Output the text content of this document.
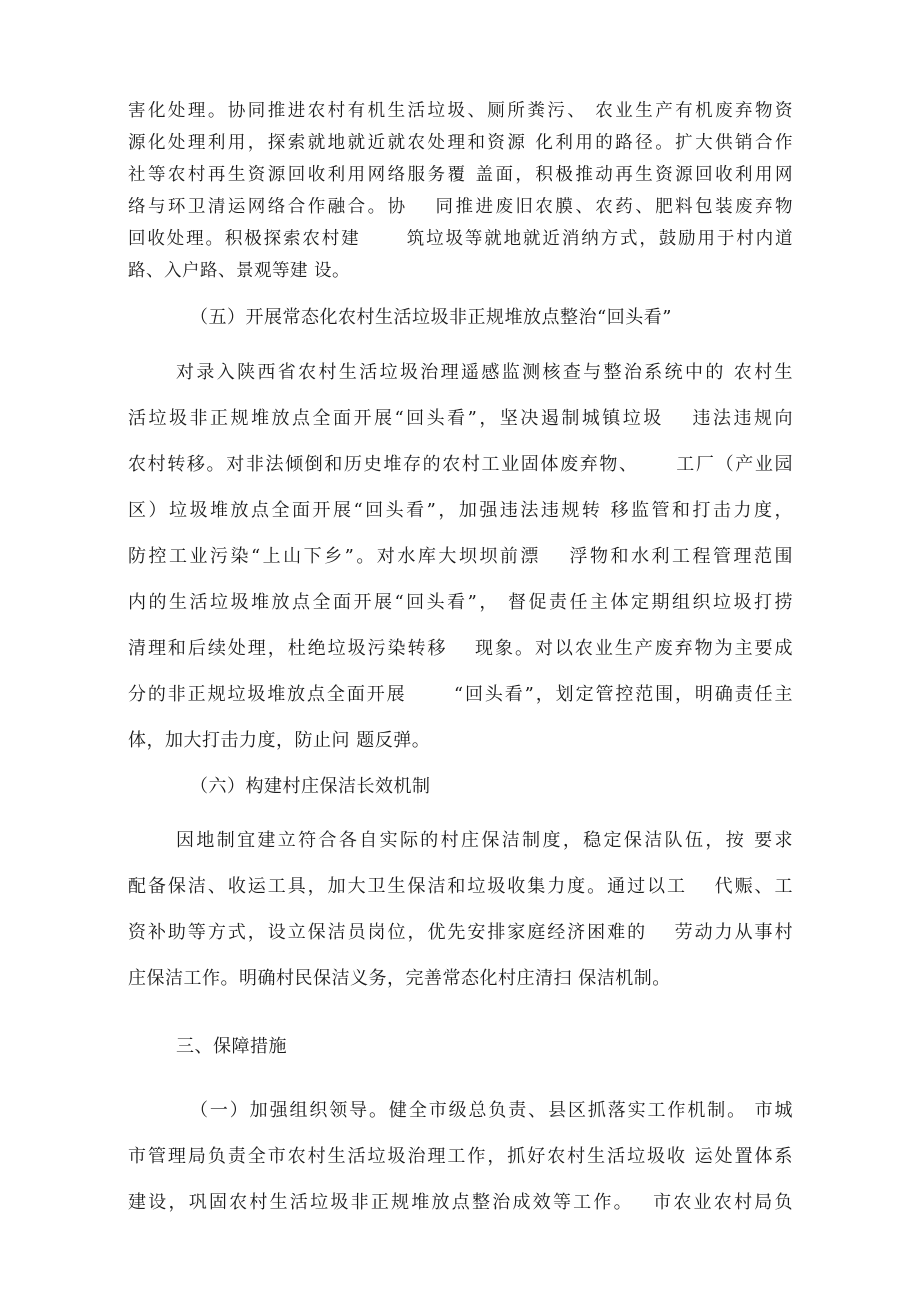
害化处理。协同推进农村有机生活垃圾、厕所粪污、 农业生产有机废弃物资
源化处理利用，探索就地就近就农处理和资源 化利用的路径。扩大供销合作
社等农村再生资源回收利用网络服务覆 盖面，积极推动再生资源回收利用网
络与环卫清运网络合作融合。协　 同推进废旧农膜、农药、肥料包装废弃物
回收处理。积极探索农村建　　 筑垃圾等就地就近消纳方式，鼓励用于村内道
路、入户路、景观等建 设。
（五）开展常态化农村生活垃圾非正规堆放点整治“回头看”
对录入陕西省农村生活垃圾治理遥感监测核查与整治系统中的 农村生
活垃圾非正规堆放点全面开展“回头看”，坚决遏制城镇垃圾　 违法违规向
农村转移。对非法倾倒和历史堆存的农村工业固体废弃物、　　 工厂（产业园
区）垃圾堆放点全面开展“回头看”，加强违法违规转 移监管和打击力度，
防控工业污染“上山下乡”。对水库大坝坝前漂　 浮物和水利工程管理范围
内的生活垃圾堆放点全面开展“回头看”， 督促责任主体定期组织垃圾打捞
清理和后续处理，杜绝垃圾污染转移　 现象。对以农业生产废弃物为主要成
分的非正规垃圾堆放点全面开展　　 “回头看”，划定管控范围，明确责任主
体，加大打击力度，防止问 题反弹。
（六）构建村庄保洁长效机制
因地制宜建立符合各自实际的村庄保洁制度，稳定保洁队伍，按 要求
配备保洁、收运工具，加大卫生保洁和垃圾收集力度。通过以工　 代赈、工
资补助等方式，设立保洁员岗位，优先安排家庭经济困难的　 劳动力从事村
庄保洁工作。明确村民保洁义务，完善常态化村庄清扫 保洁机制。
三、保障措施
（一）加强组织领导。健全市级总负责、县区抓落实工作机制。 市城
市管理局负责全市农村生活垃圾治理工作，抓好农村生活垃圾收 运处置体系
建设，巩固农村生活垃圾非正规堆放点整治成效等工作。　 市农业农村局负
